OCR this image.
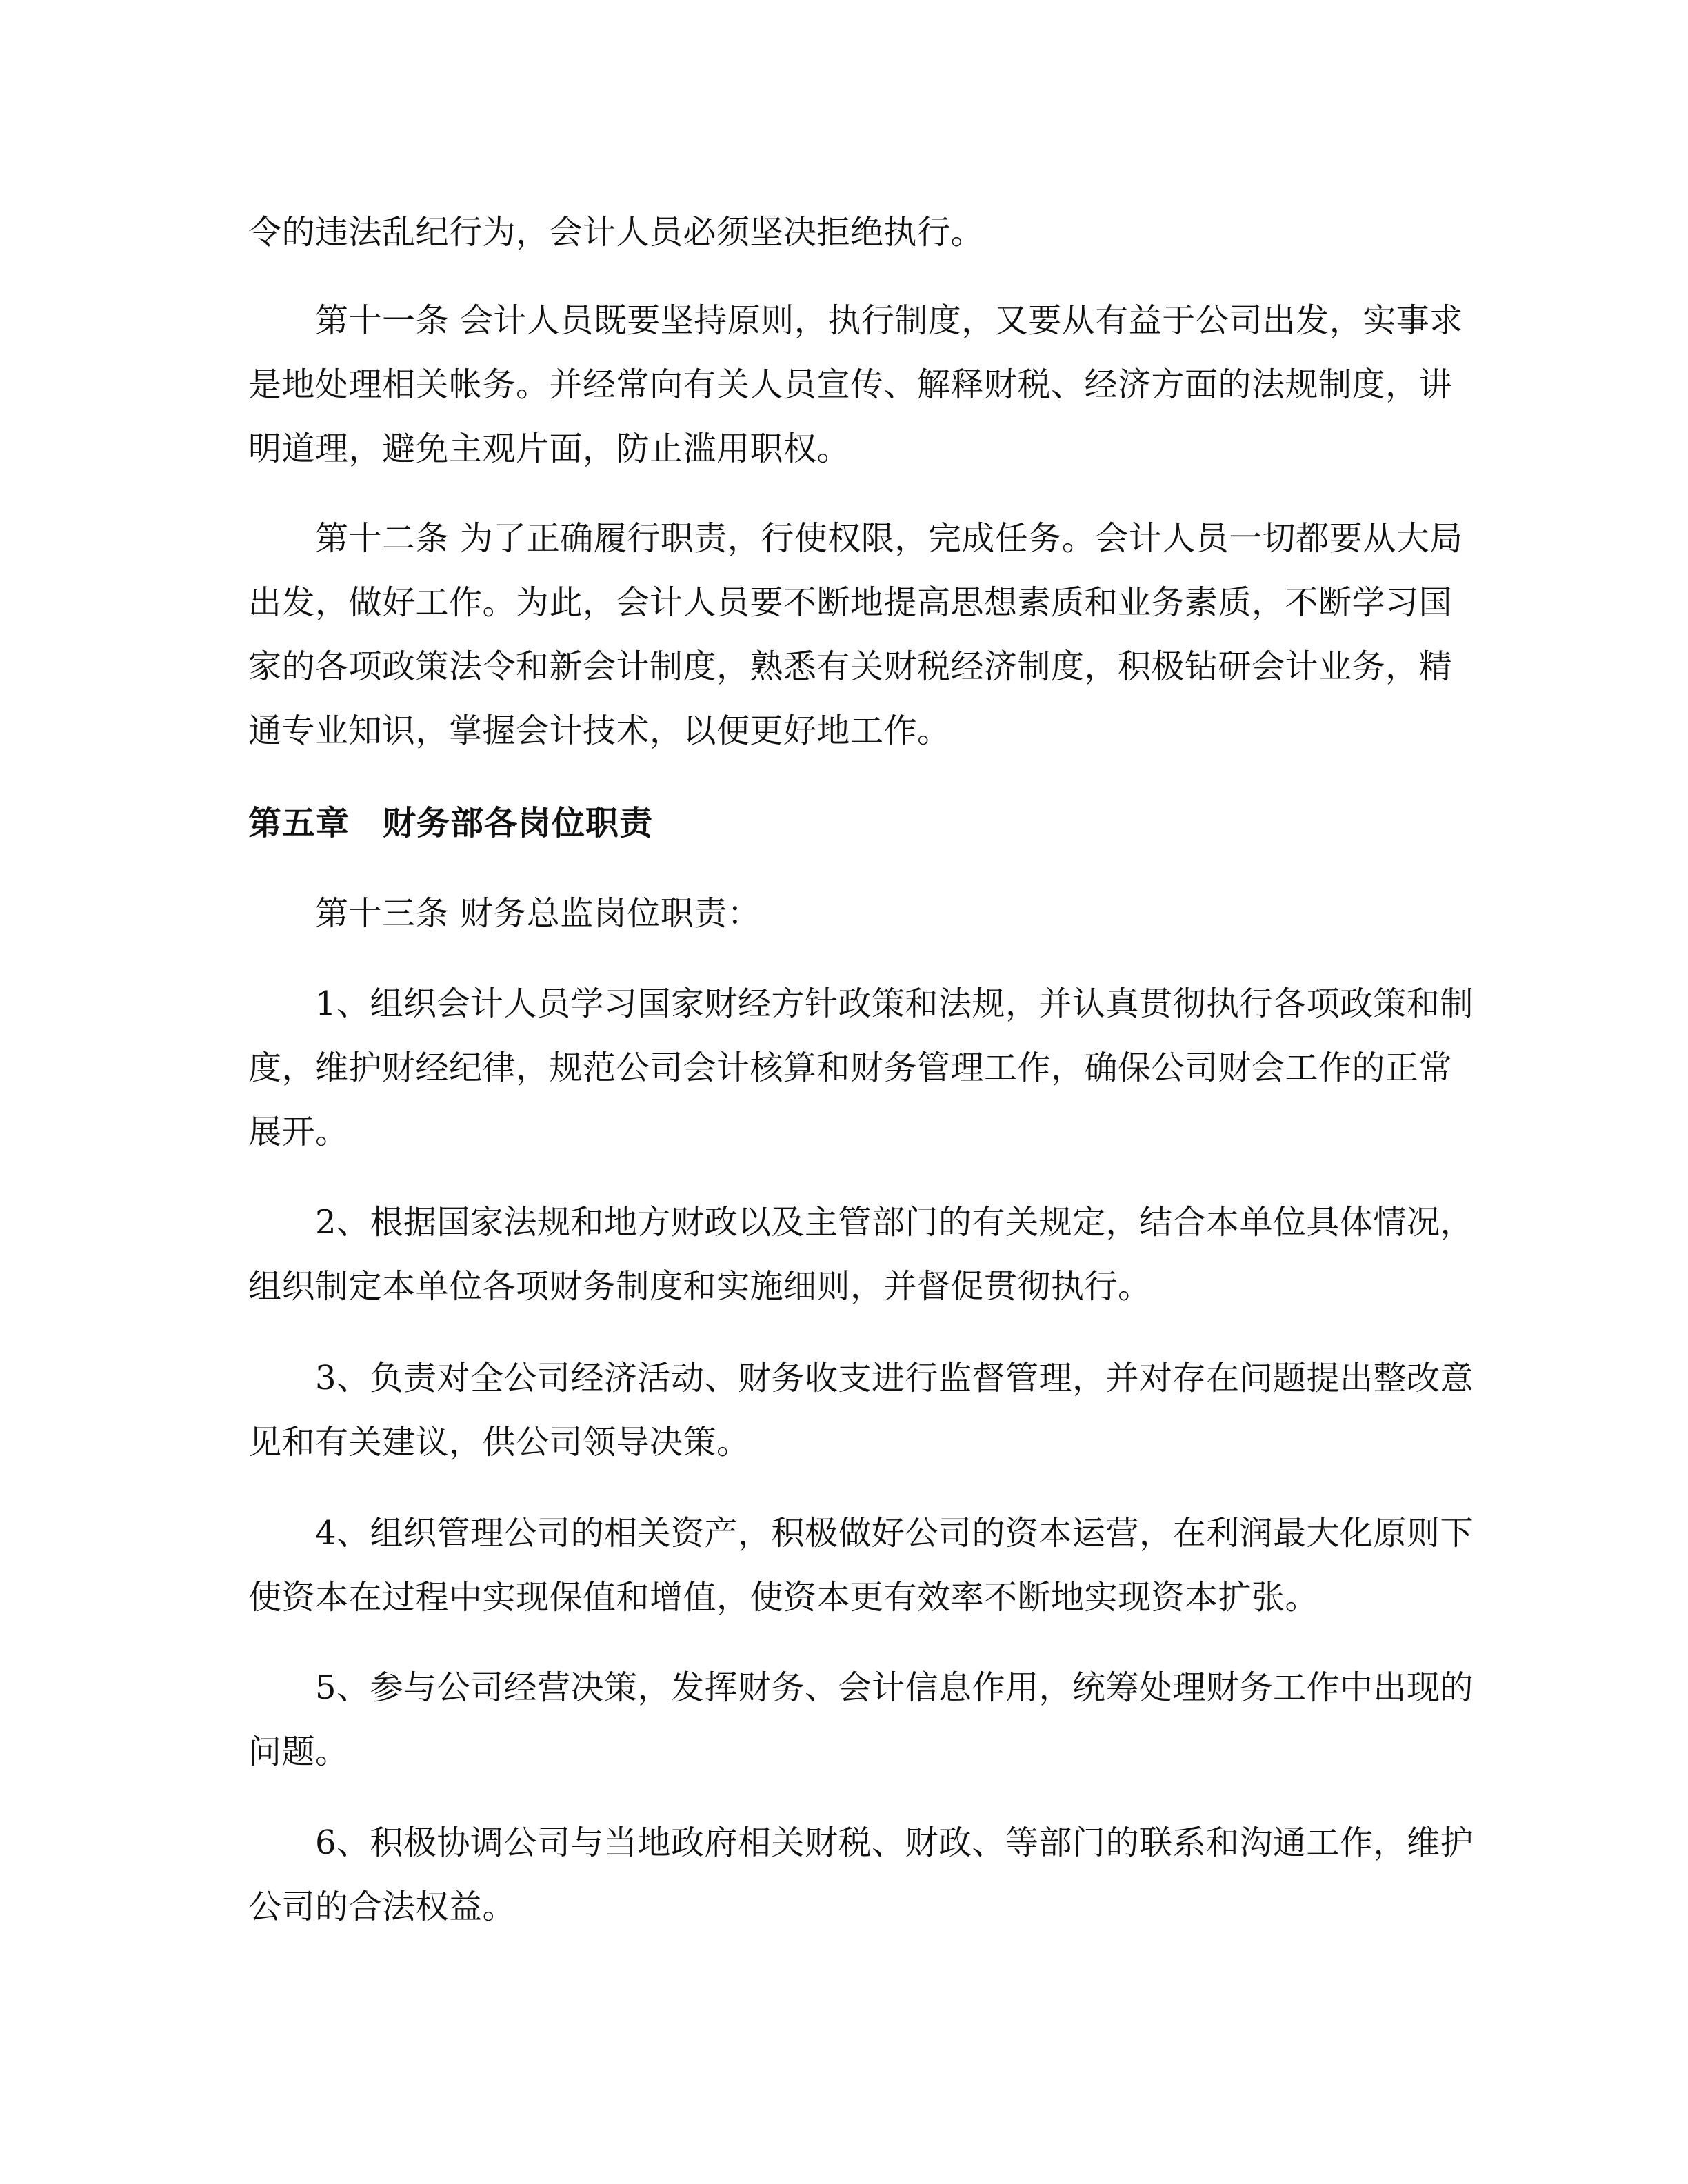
令的违法乱纪行为，会计人员必须坚决拒绝执行。

　　第十一条 会计人员既要坚持原则，执行制度，又要从有益于公司出发，实事求

是地处理相关帐务。并经常向有关人员宣传、解释财税、经济方面的法规制度，讲

明道理，避免主观片面，防止滥用职权。

　　第十二条 为了正确履行职责，行使权限，完成任务。会计人员一切都要从大局

出发，做好工作。为此，会计人员要不断地提高思想素质和业务素质，不断学习国

家的各项政策法令和新会计制度，熟悉有关财税经济制度，积极钻研会计业务，精

通专业知识，掌握会计技术，以便更好地工作。

第五章 财务部各岗位职责

　　第十三条 财务总监岗位职责：

　　1、组织会计人员学习国家财经方针政策和法规，并认真贯彻执行各项政策和制

度，维护财经纪律，规范公司会计核算和财务管理工作，确保公司财会工作的正常

展开。

　　2、根据国家法规和地方财政以及主管部门的有关规定，结合本单位具体情况，

组织制定本单位各项财务制度和实施细则，并督促贯彻执行。

　　3、负责对全公司经济活动、财务收支进行监督管理，并对存在问题提出整改意

见和有关建议，供公司领导决策。

　　4、组织管理公司的相关资产，积极做好公司的资本运营，在利润最大化原则下

使资本在过程中实现保值和增值，使资本更有效率不断地实现资本扩张。

　　5、参与公司经营决策，发挥财务、会计信息作用，统筹处理财务工作中出现的

问题。

　　6、积极协调公司与当地政府相关财税、财政、等部门的联系和沟通工作，维护

公司的合法权益。
